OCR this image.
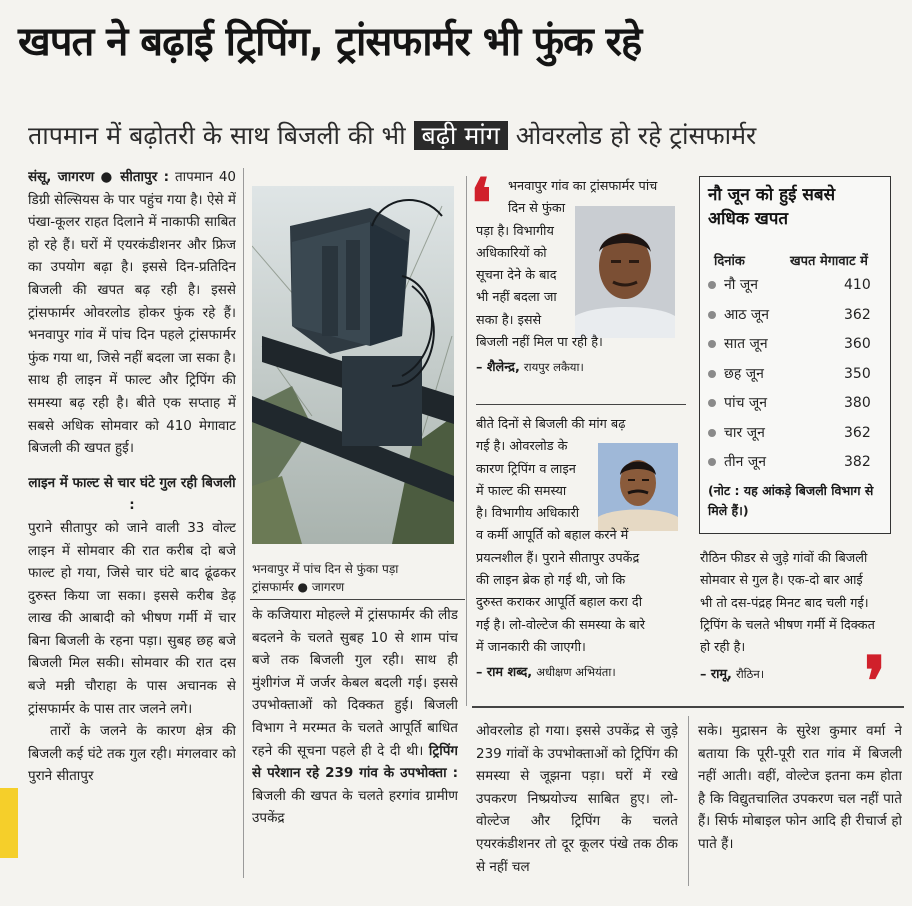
खपत ने बढ़ाई ट्रिपिंग, ट्रांसफार्मर भी फुंक रहे
तापमान में बढ़ोतरी के साथ बिजली की भी बढ़ी मांग ओवरलोड हो रहे ट्रांसफार्मर
संसू, जागरण ● सीतापुर : तापमान 40 डिग्री सेल्सियस के पार पहुंच गया है। ऐसे में पंखा-कूलर राहत दिलाने में नाकाफी साबित हो रहे हैं। घरों में एयरकंडीशनर और फ्रिज का उपयोग बढ़ा है। इससे दिन-प्रतिदिन बिजली की खपत बढ़ रही है। इससे ट्रांसफार्मर ओवरलोड होकर फुंक रहे हैं। भनवापुर गांव में पांच दिन पहले ट्रांसफार्मर फुंक गया था, जिसे नहीं बदला जा सका है। साथ ही लाइन में फाल्ट और ट्रिपिंग की समस्या बढ़ रही है। बीते एक सप्ताह में सबसे अधिक सोमवार को 410 मेगावाट बिजली की खपत हुई।
लाइन में फाल्ट से चार घंटे गुल रही बिजली :
पुराने सीतापुर को जाने वाली 33 वोल्ट लाइन में सोमवार की रात करीब दो बजे फाल्ट हो गया, जिसे चार घंटे बाद ढूंढकर दुरुस्त किया जा सका। इससे करीब डेढ़ लाख की आबादी को भीषण गर्मी में चार बिना बिजली के रहना पड़ा। सुबह छह बजे बिजली मिल सकी। सोमवार की रात दस बजे मन्नी चौराहा के पास अचानक से ट्रांसफार्मर के पास तार जलने लगे।
तारों के जलने के कारण क्षेत्र की बिजली कई घंटे तक गुल रही। मंगलवार को पुराने सीतापुर
भनवापुर में पांच दिन से फुंका पड़ा
ट्रांसफार्मर ● जागरण
के कजियारा मोहल्ले में ट्रांसफार्मर की लीड बदलने के चलते सुबह 10 से शाम पांच बजे तक बिजली गुल रही। साथ ही मुंशीगंज में जर्जर केबल बदली गई। इससे उपभोक्ताओं को दिक्कत हुई। बिजली विभाग ने मरम्मत के चलते आपूर्ति बाधित रहने की सूचना पहले ही दे दी थी। ट्रिपिंग से परेशान रहे 239 गांव के उपभोक्ता : बिजली की खपत के चलते हरगांव ग्रामीण उपकेंद्र
❛	भनवापुर गांव का ट्रांसफार्मर पांच
दिन से फुंका
पड़ा है। विभागीय
अधिकारियों को
सूचना देने के बाद
भी नहीं बदला जा
सका है। इससे
बिजली नहीं मिल पा रही है।
– शैलेन्द्र, रायपुर लकैया।
बीते दिनों से बिजली की मांग बढ़
गई है। ओवरलोड के
कारण ट्रिपिंग व लाइन
में फाल्ट की समस्या
है। विभागीय अधिकारी
व कर्मी आपूर्ति को बहाल करने में
प्रयत्नशील हैं। पुराने सीतापुर उपकेंद्र
की लाइन ब्रेक हो गई थी, जो कि
दुरुस्त कराकर आपूर्ति बहाल करा दी
गई है। लो-वोल्टेज की समस्या के बारे
में जानकारी की जाएगी।
– राम शब्द, अधीक्षण अभियंता।
नौ जून को हुई सबसे
अधिक खपत
दिनांक	खपत मेगावाट में
नौ जून	410
आठ जून	362
सात जून	360
छह जून	350
पांच जून	380
चार जून	362
तीन जून	382
(नोट : यह आंकड़े बिजली विभाग से मिले हैं।)
रौठिन फीडर से जुड़े गांवों की बिजली
सोमवार से गुल है। एक-दो बार आई
भी तो दस-पंद्रह मिनट बाद चली गई।
ट्रिपिंग के चलते भीषण गर्मी में दिक्कत
हो रही है।
– रामू, रौठिन।	❜
ओवरलोड हो गया। इससे उपकेंद्र से जुड़े 239 गांवों के उपभोक्ताओं को ट्रिपिंग की समस्या से जूझना पड़ा। घरों में रखे उपकरण निष्प्रयोज्य साबित हुए। लो-वोल्टेज और ट्रिपिंग के चलते एयरकंडीशनर तो दूर कूलर पंखे तक ठीक से नहीं चल
सके। मुद्रासन के सुरेश कुमार वर्मा ने बताया कि पूरी-पूरी रात गांव में बिजली नहीं आती। वहीं, वोल्टेज इतना कम होता है कि विद्युतचालित उपकरण चल नहीं पाते हैं। सिर्फ मोबाइल फोन आदि ही रीचार्ज हो पाते हैं।
